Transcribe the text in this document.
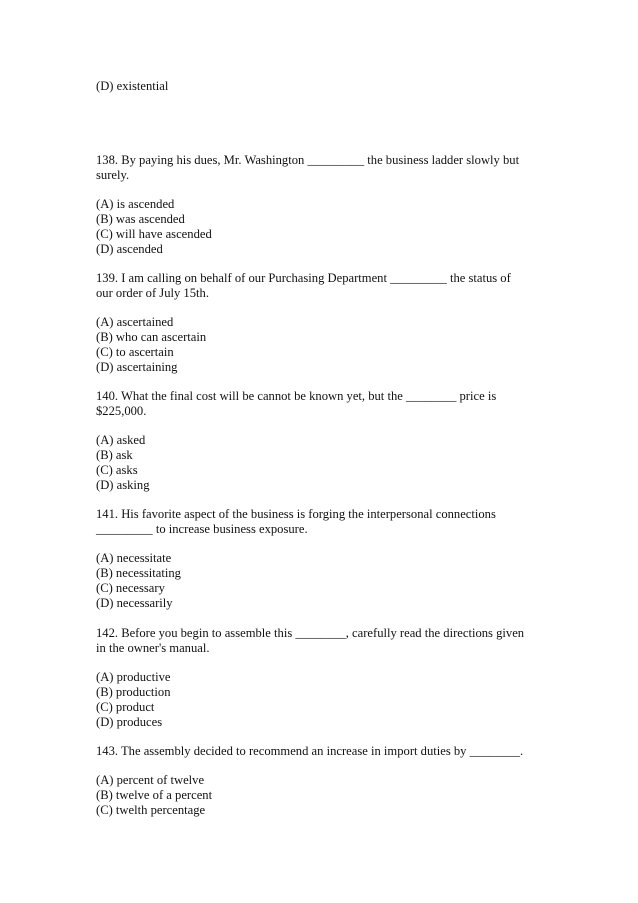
(D) existential
138. By paying his dues, Mr. Washington _________ the business ladder slowly but
surely.
(A) is ascended
(B) was ascended
(C) will have ascended
(D) ascended
139. I am calling on behalf of our Purchasing Department _________ the status of
our order of July 15th.
(A) ascertained
(B) who can ascertain
(C) to ascertain
(D) ascertaining
140. What the final cost will be cannot be known yet, but the ________ price is
$225,000.
(A) asked
(B) ask
(C) asks
(D) asking
141. His favorite aspect of the business is forging the interpersonal connections
_________ to increase business exposure.
(A) necessitate
(B) necessitating
(C) necessary
(D) necessarily
142. Before you begin to assemble this ________, carefully read the directions given
in the owner's manual.
(A) productive
(B) production
(C) product
(D) produces
143. The assembly decided to recommend an increase in import duties by ________.
(A) percent of twelve
(B) twelve of a percent
(C) twelth percentage
